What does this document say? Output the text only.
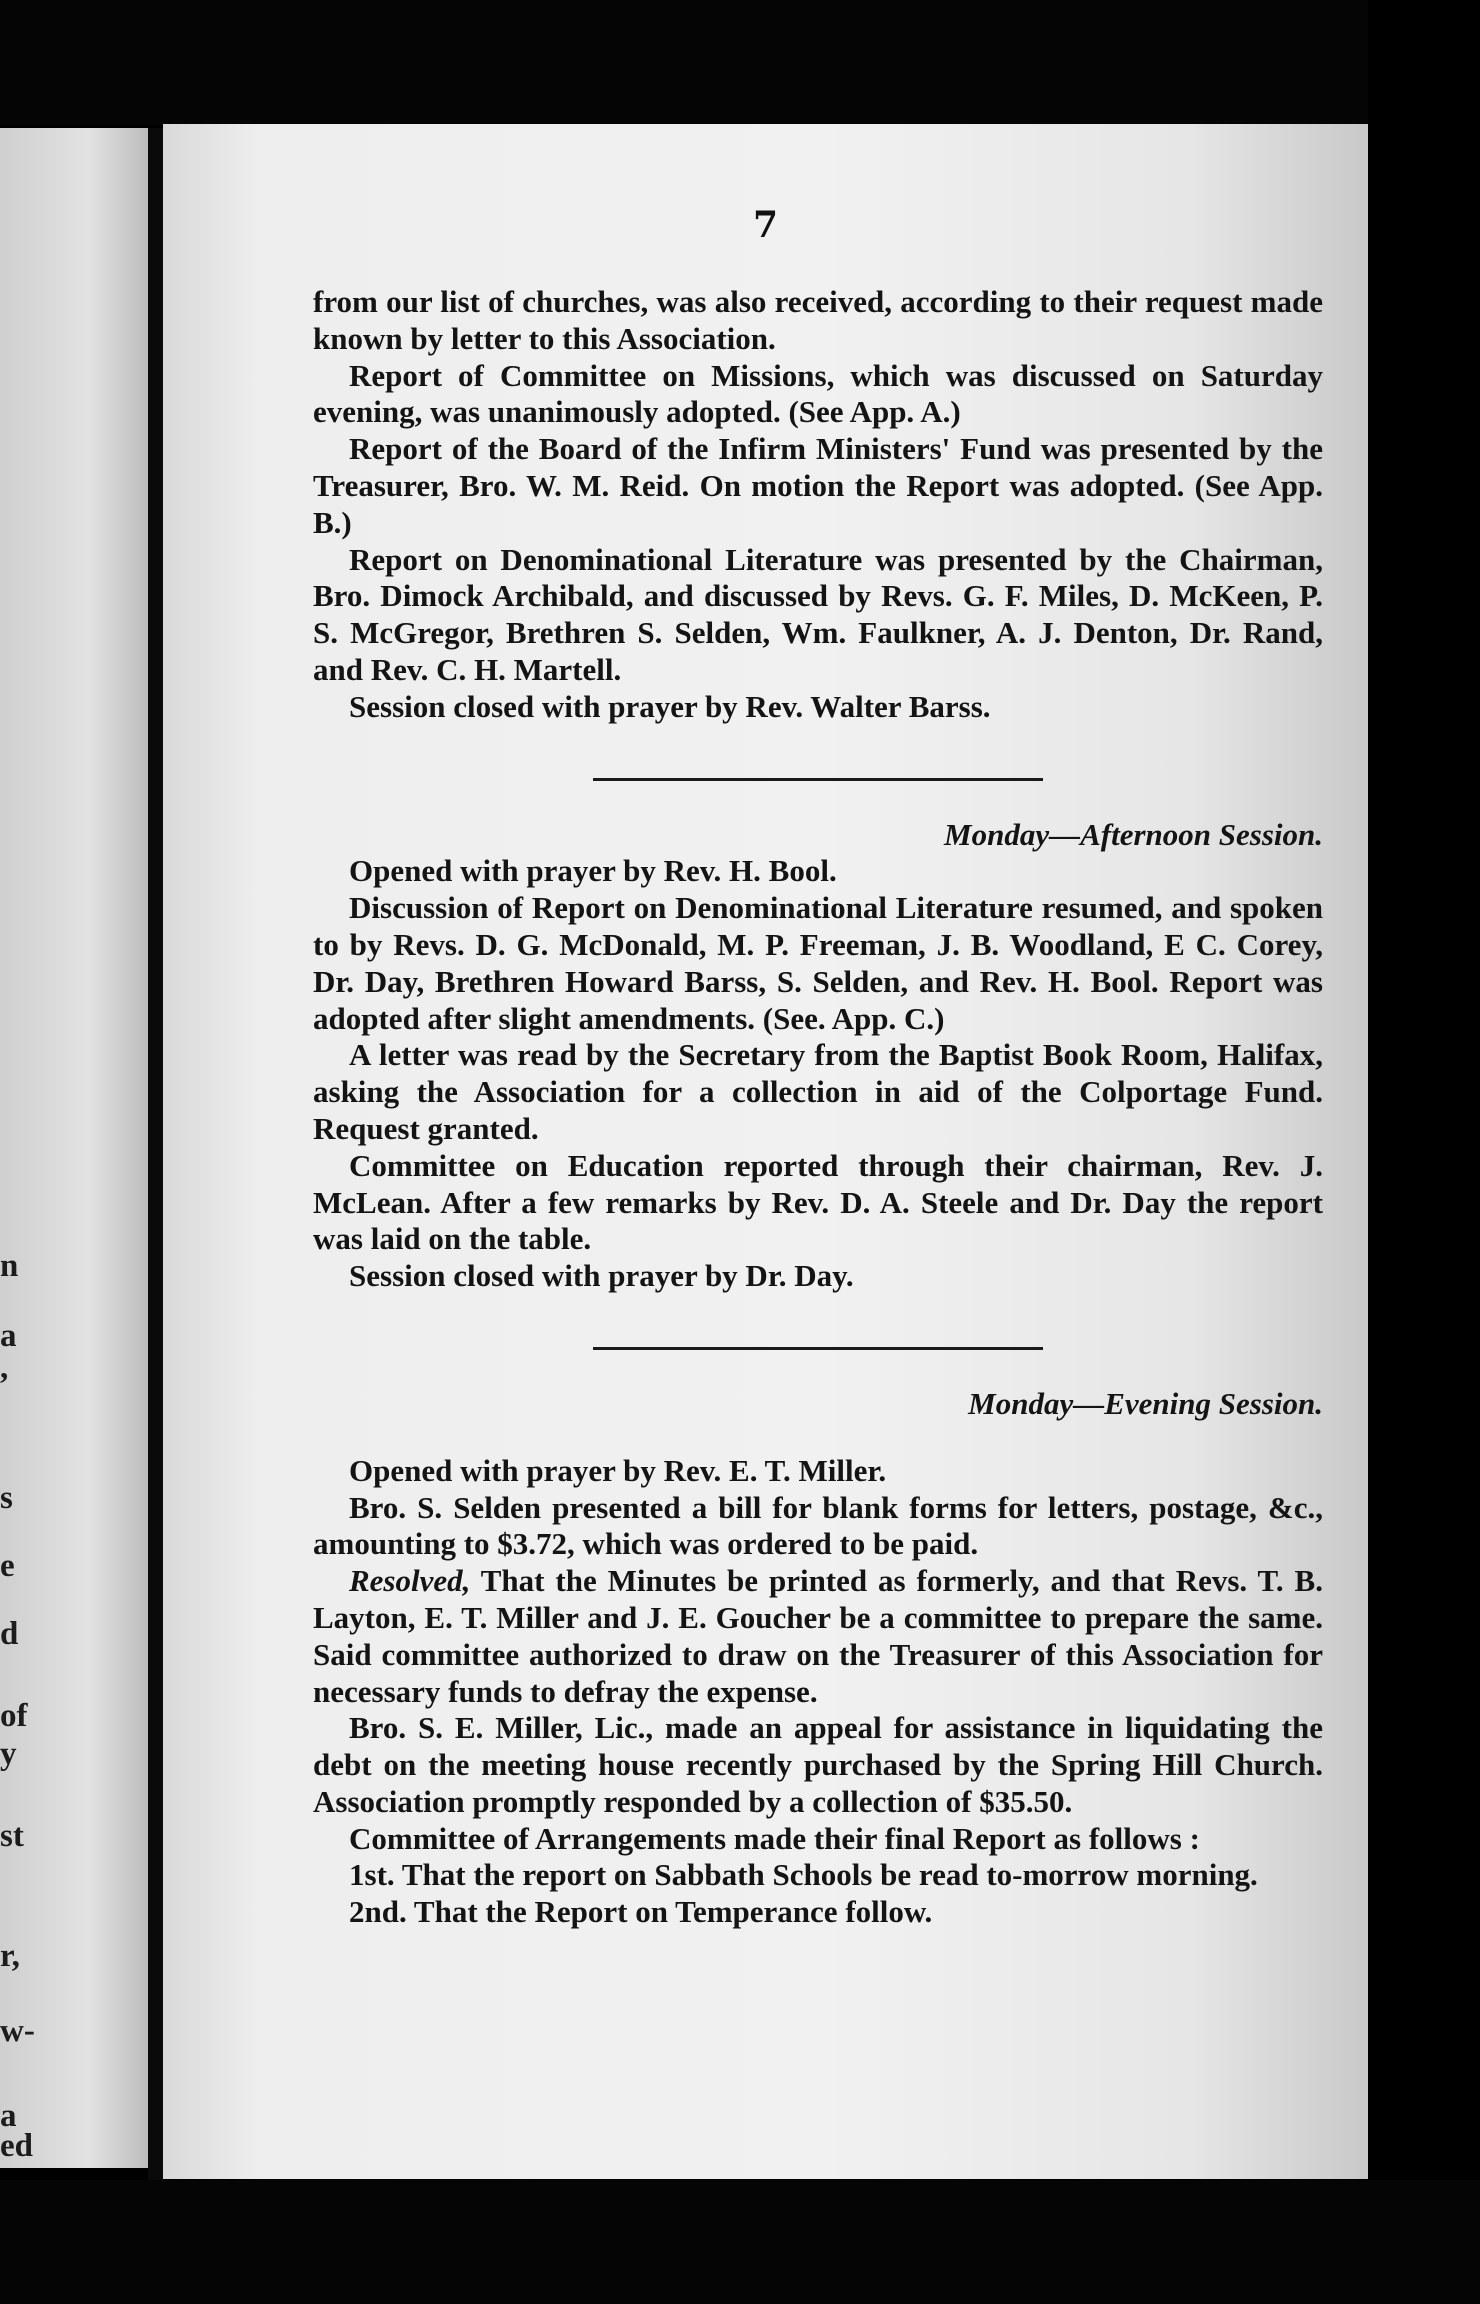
n
a
,
s
e
d
of
y
st
r,
w-
a
ed
7

from our list of churches, was also received, according to their request made known by letter to this Association.

Report of Committee on Missions, which was discussed on Saturday evening, was unanimously adopted. (See App. A.)

Report of the Board of the Infirm Ministers' Fund was presented by the Treasurer, Bro. W. M. Reid. On motion the Report was adopted. (See App. B.)

Report on Denominational Literature was presented by the Chairman, Bro. Dimock Archibald, and discussed by Revs. G. F. Miles, D. McKeen, P. S. McGregor, Brethren S. Selden, Wm. Faulkner, A. J. Denton, Dr. Rand, and Rev. C. H. Martell.

Session closed with prayer by Rev. Walter Barss.

Monday—Afternoon Session.

Opened with prayer by Rev. H. Bool.

Discussion of Report on Denominational Literature resumed, and spoken to by Revs. D. G. McDonald, M. P. Freeman, J. B. Woodland, E C. Corey, Dr. Day, Brethren Howard Barss, S. Selden, and Rev. H. Bool. Report was adopted after slight amendments. (See. App. C.)

A letter was read by the Secretary from the Baptist Book Room, Halifax, asking the Association for a collection in aid of the Colportage Fund. Request granted.

Committee on Education reported through their chairman, Rev. J. McLean. After a few remarks by Rev. D. A. Steele and Dr. Day the report was laid on the table.

Session closed with prayer by Dr. Day.

Monday—Evening Session.

Opened with prayer by Rev. E. T. Miller.

Bro. S. Selden presented a bill for blank forms for letters, postage, &c., amounting to $3.72, which was ordered to be paid.

Resolved, That the Minutes be printed as formerly, and that Revs. T. B. Layton, E. T. Miller and J. E. Goucher be a committee to prepare the same. Said committee authorized to draw on the Treasurer of this Association for necessary funds to defray the expense.

Bro. S. E. Miller, Lic., made an appeal for assistance in liquidating the debt on the meeting house recently purchased by the Spring Hill Church. Association promptly responded by a collection of $35.50.

Committee of Arrangements made their final Report as follows :

1st. That the report on Sabbath Schools be read to-morrow morning.

2nd. That the Report on Temperance follow.
